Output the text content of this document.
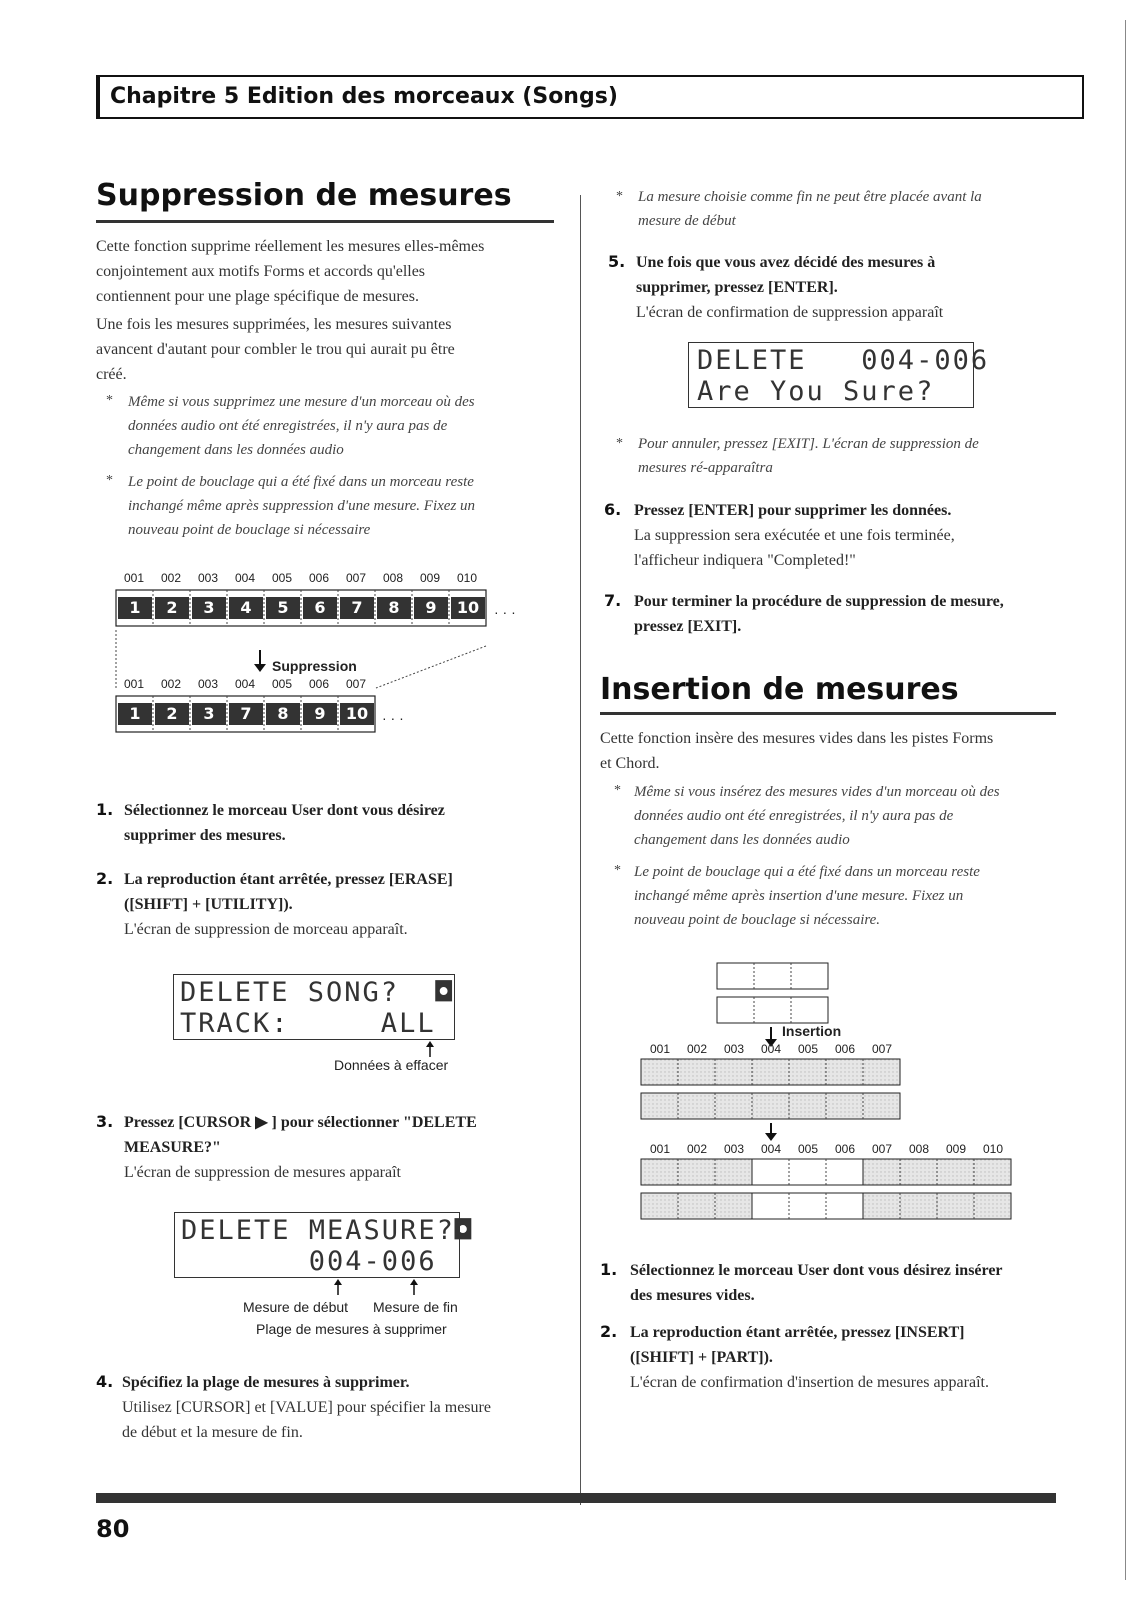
Chapitre 5 Edition des morceaux (Songs)
Suppression de mesures
Cette fonction supprime réellement les mesures elles-mêmes
conjointement aux motifs Forms et accords qu'elles
contiennent pour une plage spécifique de mesures.
Une fois les mesures supprimées, les mesures suivantes
avancent d'autant pour combler le trou qui aurait pu être
créé.
* Même si vous supprimez une mesure d'un morceau où des
données audio ont été enregistrées, il n'y aura pas de
changement dans les données audio
* Le point de bouclage qui a été fixé dans un morceau reste
inchangé même après suppression d'une mesure. Fixez un
nouveau point de bouclage si nécessaire
001 002 003 004 005 006 007 008 009 010
1	2	3	4	5	6	7	8	9	10	· · ·
Suppression
001 002 003 004 005 006 007
1	2	3	7	8	9	10 · · ·
1. Sélectionnez le morceau User dont vous désirez
supprimer des mesures.
2. La reproduction étant arrêtée, pressez [ERASE]
([SHIFT] + [UTILITY]).
L'écran de suppression de morceau apparaît.
DELETE SONG?  ◘
TRACK:     ALL
Données à effacer
3. Pressez [CURSOR ▶ ] pour sélectionner "DELETE
MEASURE?"
L'écran de suppression de mesures apparaît
DELETE MEASURE?◘
004-006
Mesure de début Mesure de fin
Plage de mesures à supprimer
4. Spécifiez la plage de mesures à supprimer.
Utilisez [CURSOR] et [VALUE] pour spécifier la mesure
de début et la mesure de fin.
* La mesure choisie comme fin ne peut être placée avant la
mesure de début
5. Une fois que vous avez décidé des mesures à
supprimer, pressez [ENTER].
L'écran de confirmation de suppression apparaît
DELETE   004-006
Are You Sure?
* Pour annuler, pressez [EXIT]. L'écran de suppression de
mesures ré-apparaîtra
6. Pressez [ENTER] pour supprimer les données.
La suppression sera exécutée et une fois terminée,
l'afficheur indiquera "Completed!"
7. Pour terminer la procédure de suppression de mesure,
pressez [EXIT].
Insertion de mesures
Cette fonction insère des mesures vides dans les pistes Forms
et Chord.
* Même si vous insérez des mesures vides d'un morceau où des
données audio ont été enregistrées, il n'y aura pas de
changement dans les données audio
* Le point de bouclage qui a été fixé dans un morceau reste
inchangé même après insertion d'une mesure. Fixez un
nouveau point de bouclage si nécessaire.
Insertion
001 002 003 004 005 006 007
001 002 003 004 005 006 007 008 009 010
1. Sélectionnez le morceau User dont vous désirez insérer
des mesures vides.
2. La reproduction étant arrêtée, pressez [INSERT]
([SHIFT] + [PART]).
L'écran de confirmation d'insertion de mesures apparaît.
80
